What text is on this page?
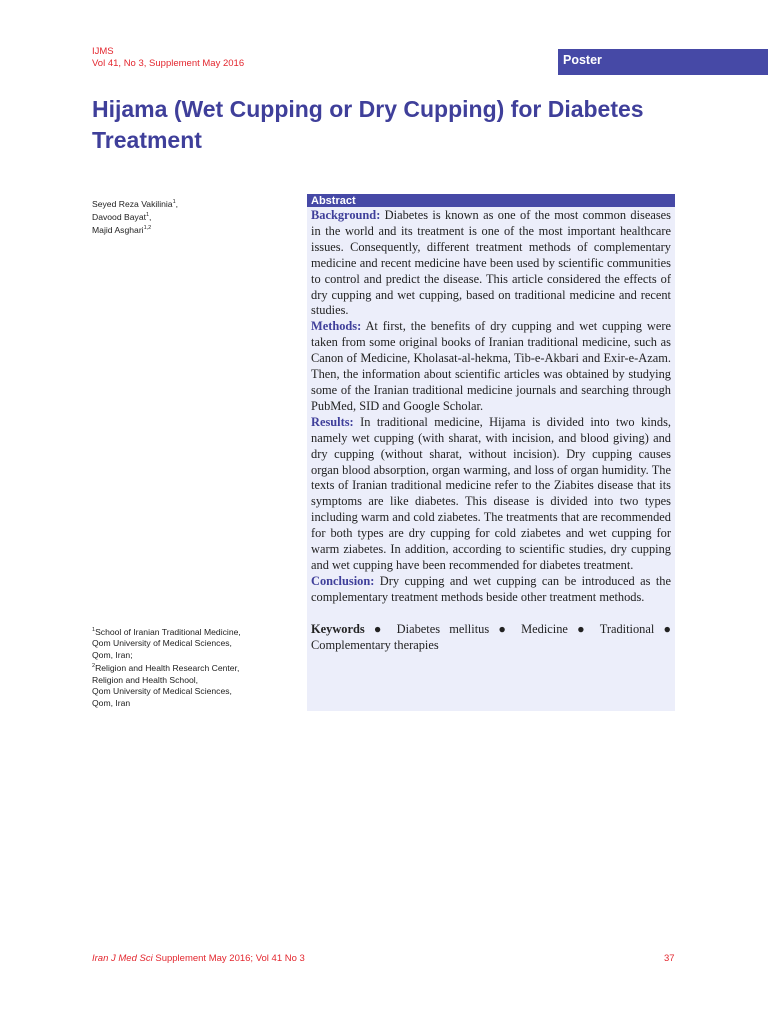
IJMS
Vol 41, No 3, Supplement May 2016	Poster
Hijama (Wet Cupping or Dry Cupping) for Diabetes Treatment
Seyed Reza Vakilinia$^1$,
Davood Bayat$^1$,
Majid Asghari$^{1,2}$
Abstract

Background: Diabetes is known as one of the most common diseases in the world and its treatment is one of the most important healthcare issues. Consequently, different treatment methods of complementary medicine and recent medicine have been used by scientific communities to control and predict the disease. This article considered the effects of dry cupping and wet cupping, based on traditional medicine and recent studies.

Methods: At first, the benefits of dry cupping and wet cupping were taken from some original books of Iranian traditional medicine, such as Canon of Medicine, Kholasat-al-hekma, Tib-e-Akbari and Exir-e-Azam. Then, the information about scientific articles was obtained by studying some of the Iranian traditional medicine journals and searching through PubMed, SID and Google Scholar.

Results: In traditional medicine, Hijama is divided into two kinds, namely wet cupping (with sharat, with incision, and blood giving) and dry cupping (without sharat, without incision). Dry cupping causes organ blood absorption, organ warming, and loss of organ humidity. The texts of Iranian traditional medicine refer to the Ziabites disease that its symptoms are like diabetes. This disease is divided into two types including warm and cold ziabetes. The treatments that are recommended for both types are dry cupping for cold ziabetes and wet cupping for warm ziabetes. In addition, according to scientific studies, dry cupping and wet cupping have been recommended for diabetes treatment.

Conclusion: Dry cupping and wet cupping can be introduced as the complementary treatment methods beside other treatment methods.

Keywords ● Diabetes mellitus ● Medicine ● Traditional ● Complementary therapies

$^1$School of Iranian Traditional Medicine,
Qom University of Medical Sciences,
Qom, Iran;
$^2$Religion and Health Research Center,
Religion and Health School,
Qom University of Medical Sciences,
Qom, Iran
Iran J Med Sci Supplement May 2016; Vol 41 No 3	37
